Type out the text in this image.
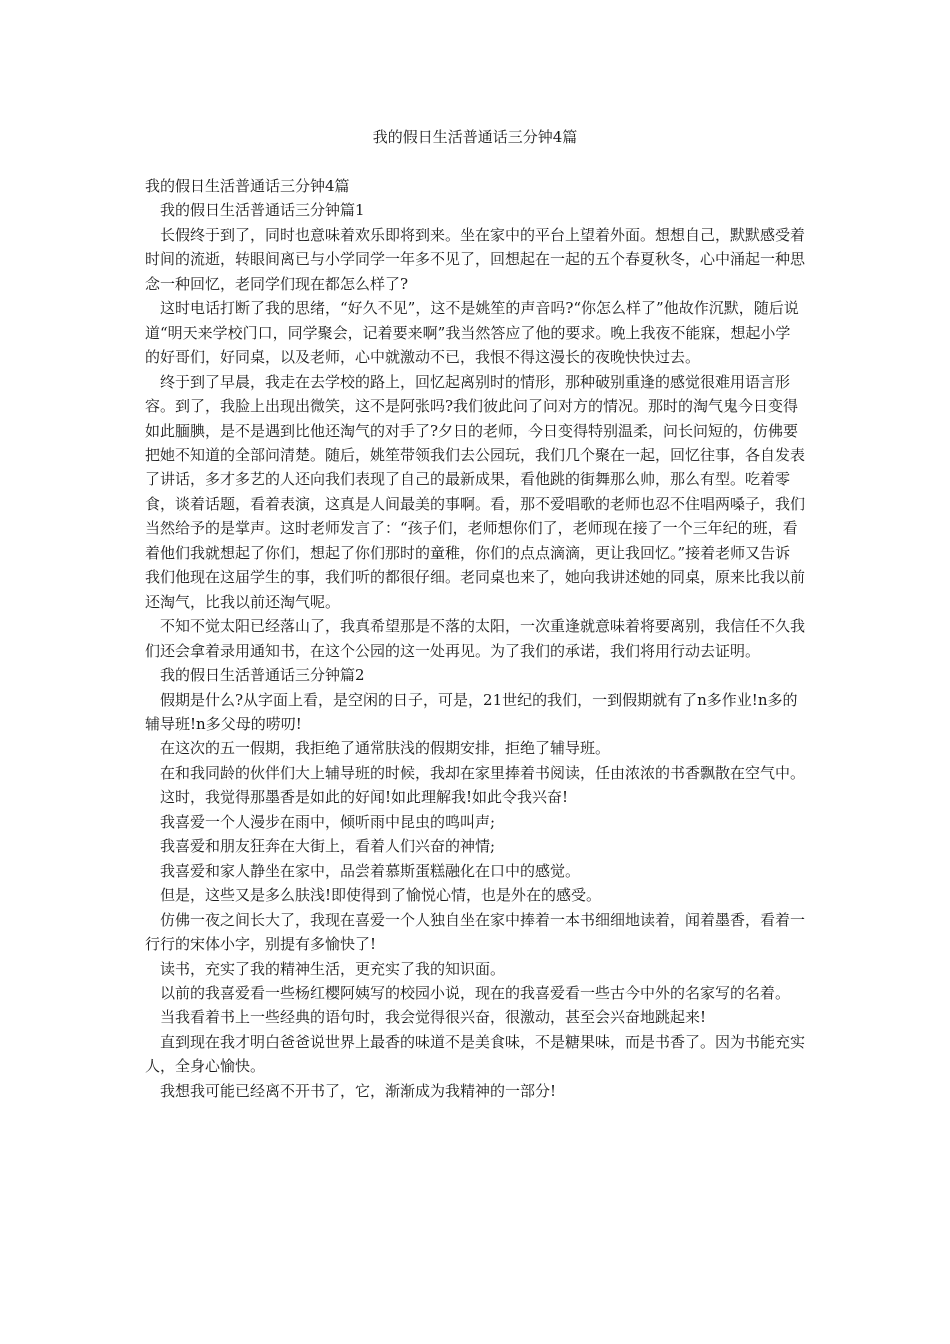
我的假日生活普通话三分钟4篇

我的假日生活普通话三分钟4篇

　我的假日生活普通话三分钟篇1

　长假终于到了，同时也意味着欢乐即将到来。坐在家中的平台上望着外面。想想自己，默默感受着时间的流逝，转眼间离已与小学同学一年多不见了，回想起在一起的五个春夏秋冬，心中涌起一种思念一种回忆，老同学们现在都怎么样了?

　这时电话打断了我的思绪，“好久不见”，这不是姚笙的声音吗?“你怎么样了”他故作沉默，随后说道“明天来学校门口，同学聚会，记着要来啊”我当然答应了他的要求。晚上我夜不能寐，想起小学的好哥们，好同桌，以及老师，心中就激动不已，我恨不得这漫长的夜晚快快过去。

　终于到了早晨，我走在去学校的路上，回忆起离别时的情形，那种破别重逢的感觉很难用语言形容。到了，我脸上出现出微笑，这不是阿张吗?我们彼此问了问对方的情况。那时的淘气鬼今日变得如此腼腆，是不是遇到比他还淘气的对手了?夕日的老师，今日变得特别温柔，问长问短的，仿佛要把她不知道的全部问清楚。随后，姚笙带领我们去公园玩，我们几个聚在一起，回忆往事，各自发表了讲话，多才多艺的人还向我们表现了自己的最新成果，看他跳的街舞那么帅，那么有型。吃着零食，谈着话题，看着表演，这真是人间最美的事啊。看，那不爱唱歌的老师也忍不住唱两嗓子，我们当然给予的是掌声。这时老师发言了：“孩子们，老师想你们了，老师现在接了一个三年纪的班，看着他们我就想起了你们，想起了你们那时的童稚，你们的点点滴滴，更让我回忆。”接着老师又告诉我们他现在这届学生的事，我们听的都很仔细。老同桌也来了，她向我讲述她的同桌，原来比我以前还淘气，比我以前还淘气呢。

　不知不觉太阳已经落山了，我真希望那是不落的太阳，一次重逢就意味着将要离别，我信任不久我们还会拿着录用通知书，在这个公园的这一处再见。为了我们的承诺，我们将用行动去证明。

　我的假日生活普通话三分钟篇2

　假期是什么?从字面上看，是空闲的日子，可是，21世纪的我们，一到假期就有了n多作业!n多的辅导班!n多父母的唠叨!

　在这次的五一假期，我拒绝了通常肤浅的假期安排，拒绝了辅导班。

　在和我同龄的伙伴们大上辅导班的时候，我却在家里捧着书阅读，任由浓浓的书香飘散在空气中。

　这时，我觉得那墨香是如此的好闻!如此理解我!如此令我兴奋!

　我喜爱一个人漫步在雨中，倾听雨中昆虫的鸣叫声;

　我喜爱和朋友狂奔在大街上，看着人们兴奋的神情;

　我喜爱和家人静坐在家中，品尝着慕斯蛋糕融化在口中的感觉。

　但是，这些又是多么肤浅!即使得到了愉悦心情，也是外在的感受。

　仿佛一夜之间长大了，我现在喜爱一个人独自坐在家中捧着一本书细细地读着，闻着墨香，看着一行行的宋体小字，别提有多愉快了!

　读书，充实了我的精神生活，更充实了我的知识面。

　以前的我喜爱看一些杨红樱阿姨写的校园小说，现在的我喜爱看一些古今中外的名家写的名着。

　当我看着书上一些经典的语句时，我会觉得很兴奋，很激动，甚至会兴奋地跳起来!

　直到现在我才明白爸爸说世界上最香的味道不是美食味，不是糖果味，而是书香了。因为书能充实人，全身心愉快。

　我想我可能已经离不开书了，它，渐渐成为我精神的一部分!
